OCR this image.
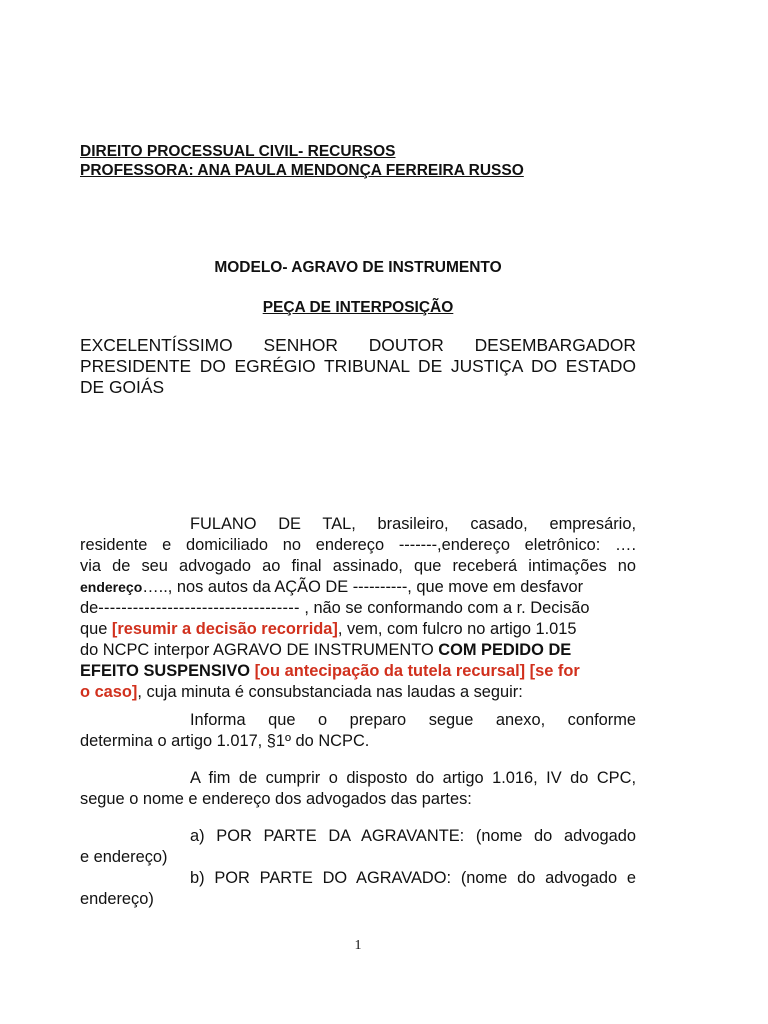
DIREITO PROCESSUAL CIVIL- RECURSOS
PROFESSORA: ANA PAULA MENDONÇA FERREIRA RUSSO
MODELO- AGRAVO DE INSTRUMENTO
PEÇA DE INTERPOSIÇÃO
EXCELENTÍSSIMO SENHOR DOUTOR DESEMBARGADOR
PRESIDENTE DO EGRÉGIO TRIBUNAL DE JUSTIÇA DO ESTADO
DE GOIÁS
FULANO DE TAL, brasileiro, casado, empresário,
residente e domiciliado no endereço -------,endereço eletrônico: ….
via de seu advogado ao final assinado, que receberá intimações no
endereço….., nos autos da AÇÃO DE ----------, que move em desfavor
de----------------------------------- , não se conformando com a r. Decisão
que [resumir a decisão recorrida], vem, com fulcro no artigo 1.015
do NCPC interpor AGRAVO DE INSTRUMENTO COM PEDIDO DE
EFEITO SUSPENSIVO [ou antecipação da tutela recursal] [se for
o caso], cuja minuta é consubstanciada nas laudas a seguir:
Informa que o preparo segue anexo, conforme
determina o artigo 1.017, §1º do NCPC.
A fim de cumprir o disposto do artigo 1.016, IV do CPC,
segue o nome e endereço dos advogados das partes:
a) POR PARTE DA AGRAVANTE: (nome do advogado
e endereço)
b) POR PARTE DO AGRAVADO: (nome do advogado e
endereço)
1
